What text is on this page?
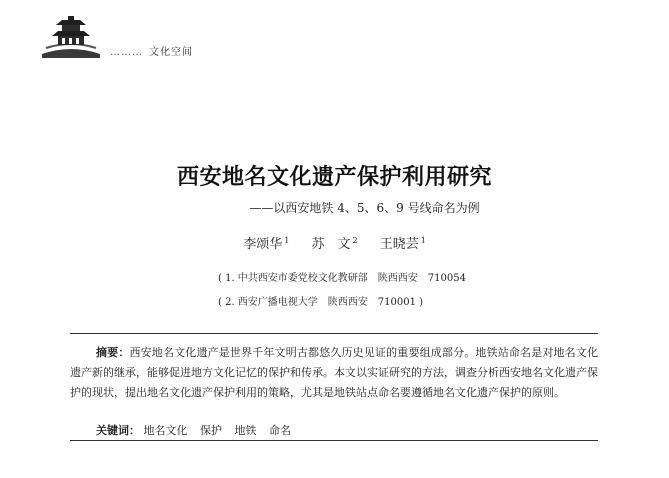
……… 文化空间
西安地名文化遗产保护利用研究
——以西安地铁 4、5、6、9 号线命名为例
李颂华 $^1$ 苏　文 $^2$ 王晓芸 $^1$
( 1. 中共西安市委党校文化教研部　陕西西安　710054
( 2. 西安广播电视大学　陕西西安　710001 )
摘要：西安地名文化遗产是世界千年文明古都悠久历史见证的重要组成部分。地铁站命名是对地名文化遗产新的继承，能够促进地方文化记忆的保护和传承。本文以实证研究的方法，调查分析西安地名文化遗产保护的现状，提出地名文化遗产保护利用的策略，尤其是地铁站点命名要遵循地名文化遗产保护的原则。
关键词： 地名文化 保护 地铁 命名
